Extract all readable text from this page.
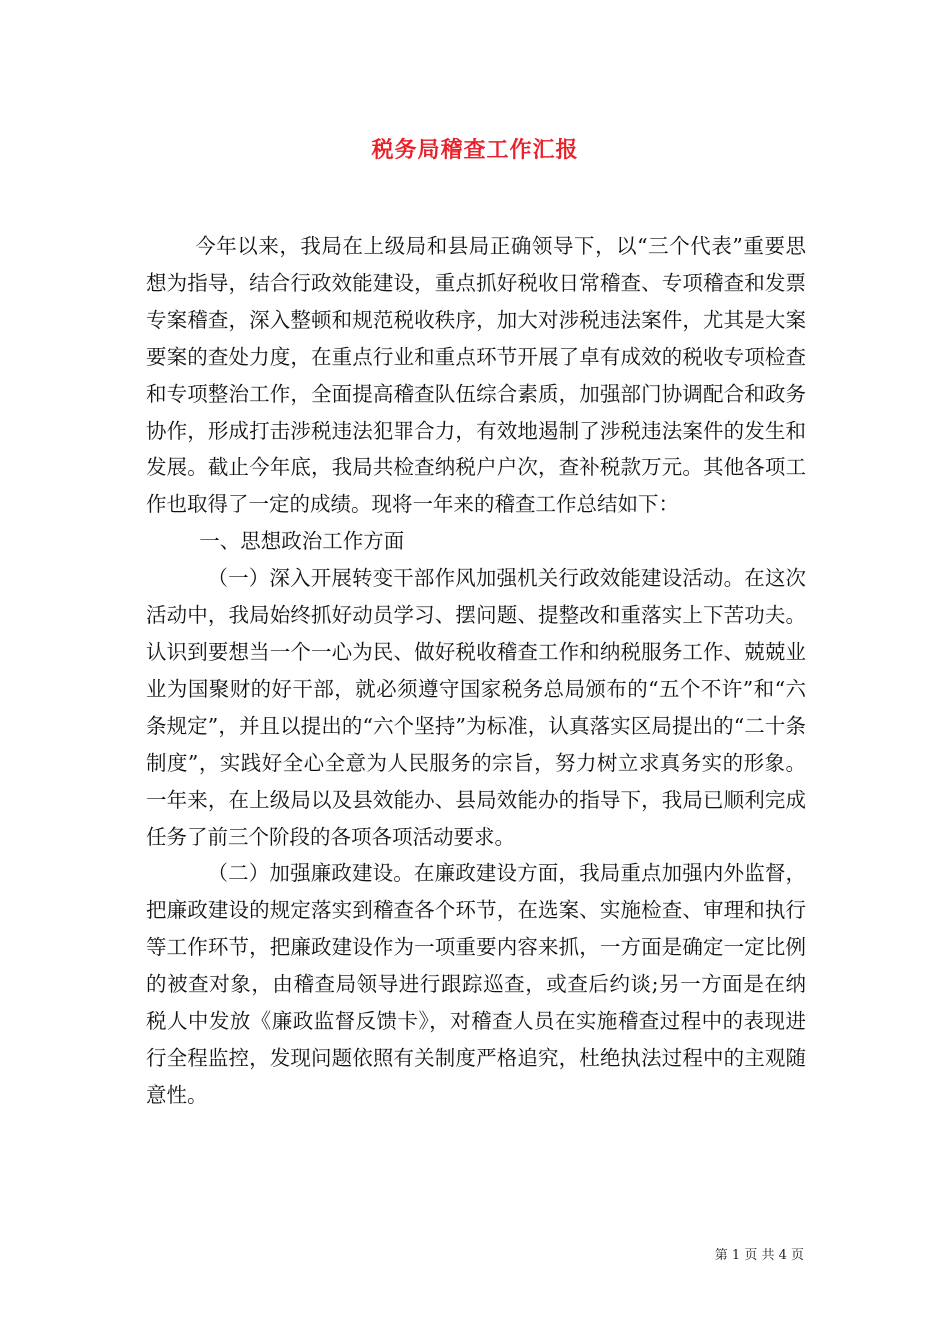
税务局稽查工作汇报

今年以来，我局在上级局和县局正确领导下，以“三个代表”重要思想为指导，结合行政效能建设，重点抓好税收日常稽查、专项稽查和发票专案稽查，深入整顿和规范税收秩序，加大对涉税违法案件，尤其是大案要案的查处力度，在重点行业和重点环节开展了卓有成效的税收专项检查和专项整治工作，全面提高稽查队伍综合素质，加强部门协调配合和政务协作，形成打击涉税违法犯罪合力，有效地遏制了涉税违法案件的发生和发展。截止今年底，我局共检查纳税户户次，查补税款万元。其他各项工作也取得了一定的成绩。现将一年来的稽查工作总结如下：

一、思想政治工作方面

（一）深入开展转变干部作风加强机关行政效能建设活动。在这次活动中，我局始终抓好动员学习、摆问题、提整改和重落实上下苦功夫。认识到要想当一个一心为民、做好税收稽查工作和纳税服务工作、兢兢业业为国聚财的好干部，就必须遵守国家税务总局颁布的“五个不许”和“六条规定”，并且以提出的“六个坚持”为标准，认真落实区局提出的“二十条制度”，实践好全心全意为人民服务的宗旨，努力树立求真务实的形象。一年来，在上级局以及县效能办、县局效能办的指导下，我局已顺利完成任务了前三个阶段的各项各项活动要求。

（二）加强廉政建设。在廉政建设方面，我局重点加强内外监督，把廉政建设的规定落实到稽查各个环节，在选案、实施检查、审理和执行等工作环节，把廉政建设作为一项重要内容来抓，一方面是确定一定比例的被查对象，由稽查局领导进行跟踪巡查，或查后约谈;另一方面是在纳税人中发放《廉政监督反馈卡》，对稽查人员在实施稽查过程中的表现进行全程监控，发现问题依照有关制度严格追究，杜绝执法过程中的主观随意性。

第 1 页 共 4 页
